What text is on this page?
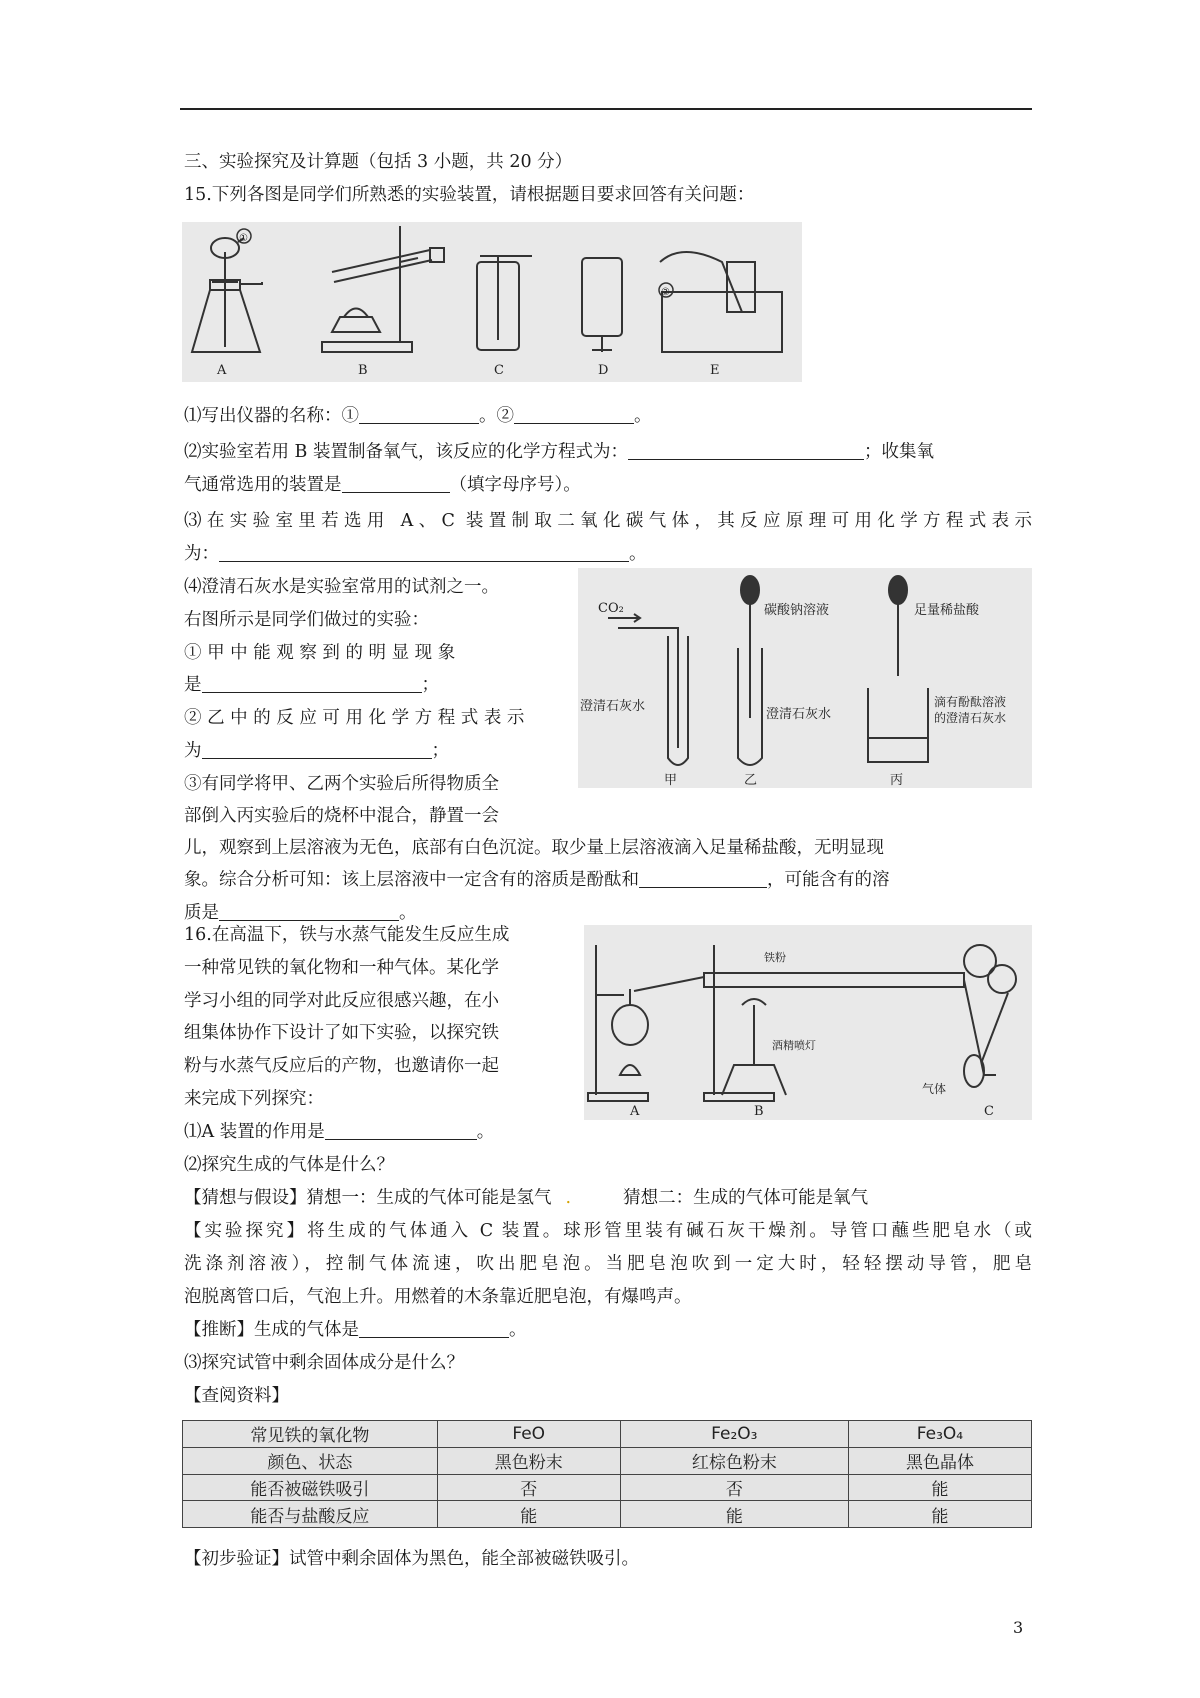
三、实验探究及计算题（包括 3 小题，共 20 分）
15.下列各图是同学们所熟悉的实验装置，请根据题目要求回答有关问题：
①
②
A	B	C	D	E
⑴写出仪器的名称：①	。②	。
⑵实验室若用 B 装置制备氧气，该反应的化学方程式为：	；收集氧
气通常选用的装置是	（填字母序号）。
⑶在实验室里若选用 A、C 装置制取二氧化碳气体，其反应原理可用化学方程式表示
为：	。
⑷澄清石灰水是实验室常用的试剂之一。
右图所示是同学们做过的实验：
① 甲 中 能 观 察 到 的 明 显 现 象
是	；
② 乙 中 的 反 应 可 用 化 学 方 程 式 表 示
为	；
③有同学将甲、乙两个实验后所得物质全
部倒入丙实验后的烧杯中混合，静置一会
儿，观察到上层溶液为无色，底部有白色沉淀。取少量上层溶液滴入足量稀盐酸，无明显现
象。综合分析可知：该上层溶液中一定含有的溶质是酚酞和	，可能含有的溶
质是	。
CO₂
澄清石灰水
碳酸钠溶液
澄清石灰水
足量稀盐酸
滴有酚酞溶液
的澄清石灰水
甲	乙	丙
16.在高温下，铁与水蒸气能发生反应生成
一种常见铁的氧化物和一种气体。某化学
学习小组的同学对此反应很感兴趣，在小
组集体协作下设计了如下实验，以探究铁
粉与水蒸气反应后的产物，也邀请你一起
来完成下列探究：
⑴A 装置的作用是	。
⑵探究生成的气体是什么？
铁粉
酒精喷灯
气体
A	B	C
【猜想与假设】猜想一：生成的气体可能是氢气 .	猜想二：生成的气体可能是氧气
【实验探究】将生成的气体通入 C 装置。球形管里装有碱石灰干燥剂。导管口蘸些肥皂水（或
洗涤剂溶液），控制气体流速，吹出肥皂泡。当肥皂泡吹到一定大时，轻轻摆动导管，肥皂
泡脱离管口后，气泡上升。用燃着的木条靠近肥皂泡，有爆鸣声。
【推断】生成的气体是	。
⑶探究试管中剩余固体成分是什么？
【查阅资料】
常见铁的氧化物	FeO	Fe₂O₃	Fe₃O₄
颜色、状态	黑色粉末	红棕色粉末	黑色晶体
能否被磁铁吸引	否	否	能
能否与盐酸反应	能	能	能
【初步验证】试管中剩余固体为黑色，能全部被磁铁吸引。
3
